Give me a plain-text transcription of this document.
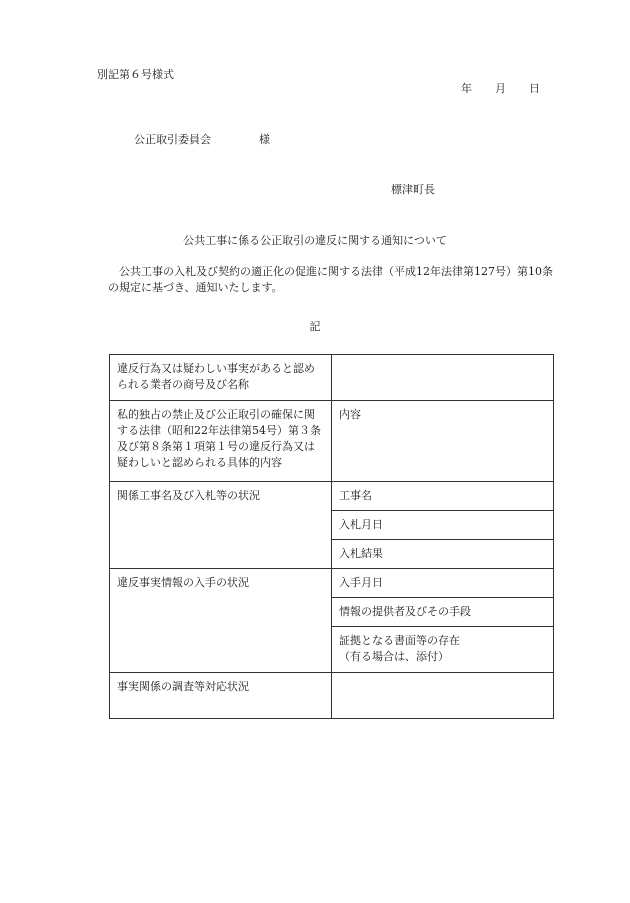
別記第６号様式
年 月 日
公正取引委員会	様
標津町長
公共工事に係る公正取引の違反に関する通知について
公共工事の入札及び契約の適正化の促進に関する法律（平成12年法律第127号）第10条の規定に基づき、通知いたします。
記
違反行為又は疑わしい事実があると認められる業者の商号及び名称	
私的独占の禁止及び公正取引の確保に関する法律（昭和22年法律第54号）第３条及び第８条第１項第１号の違反行為又は疑わしいと認められる具体的内容	内容
関係工事名及び入札等の状況	工事名
	入札月日
	入札結果
違反事実情報の入手の状況	入手月日
	情報の提供者及びその手段

	証拠となる書面等の存在
（有る場合は、添付）

事実関係の調査等対応状況	
